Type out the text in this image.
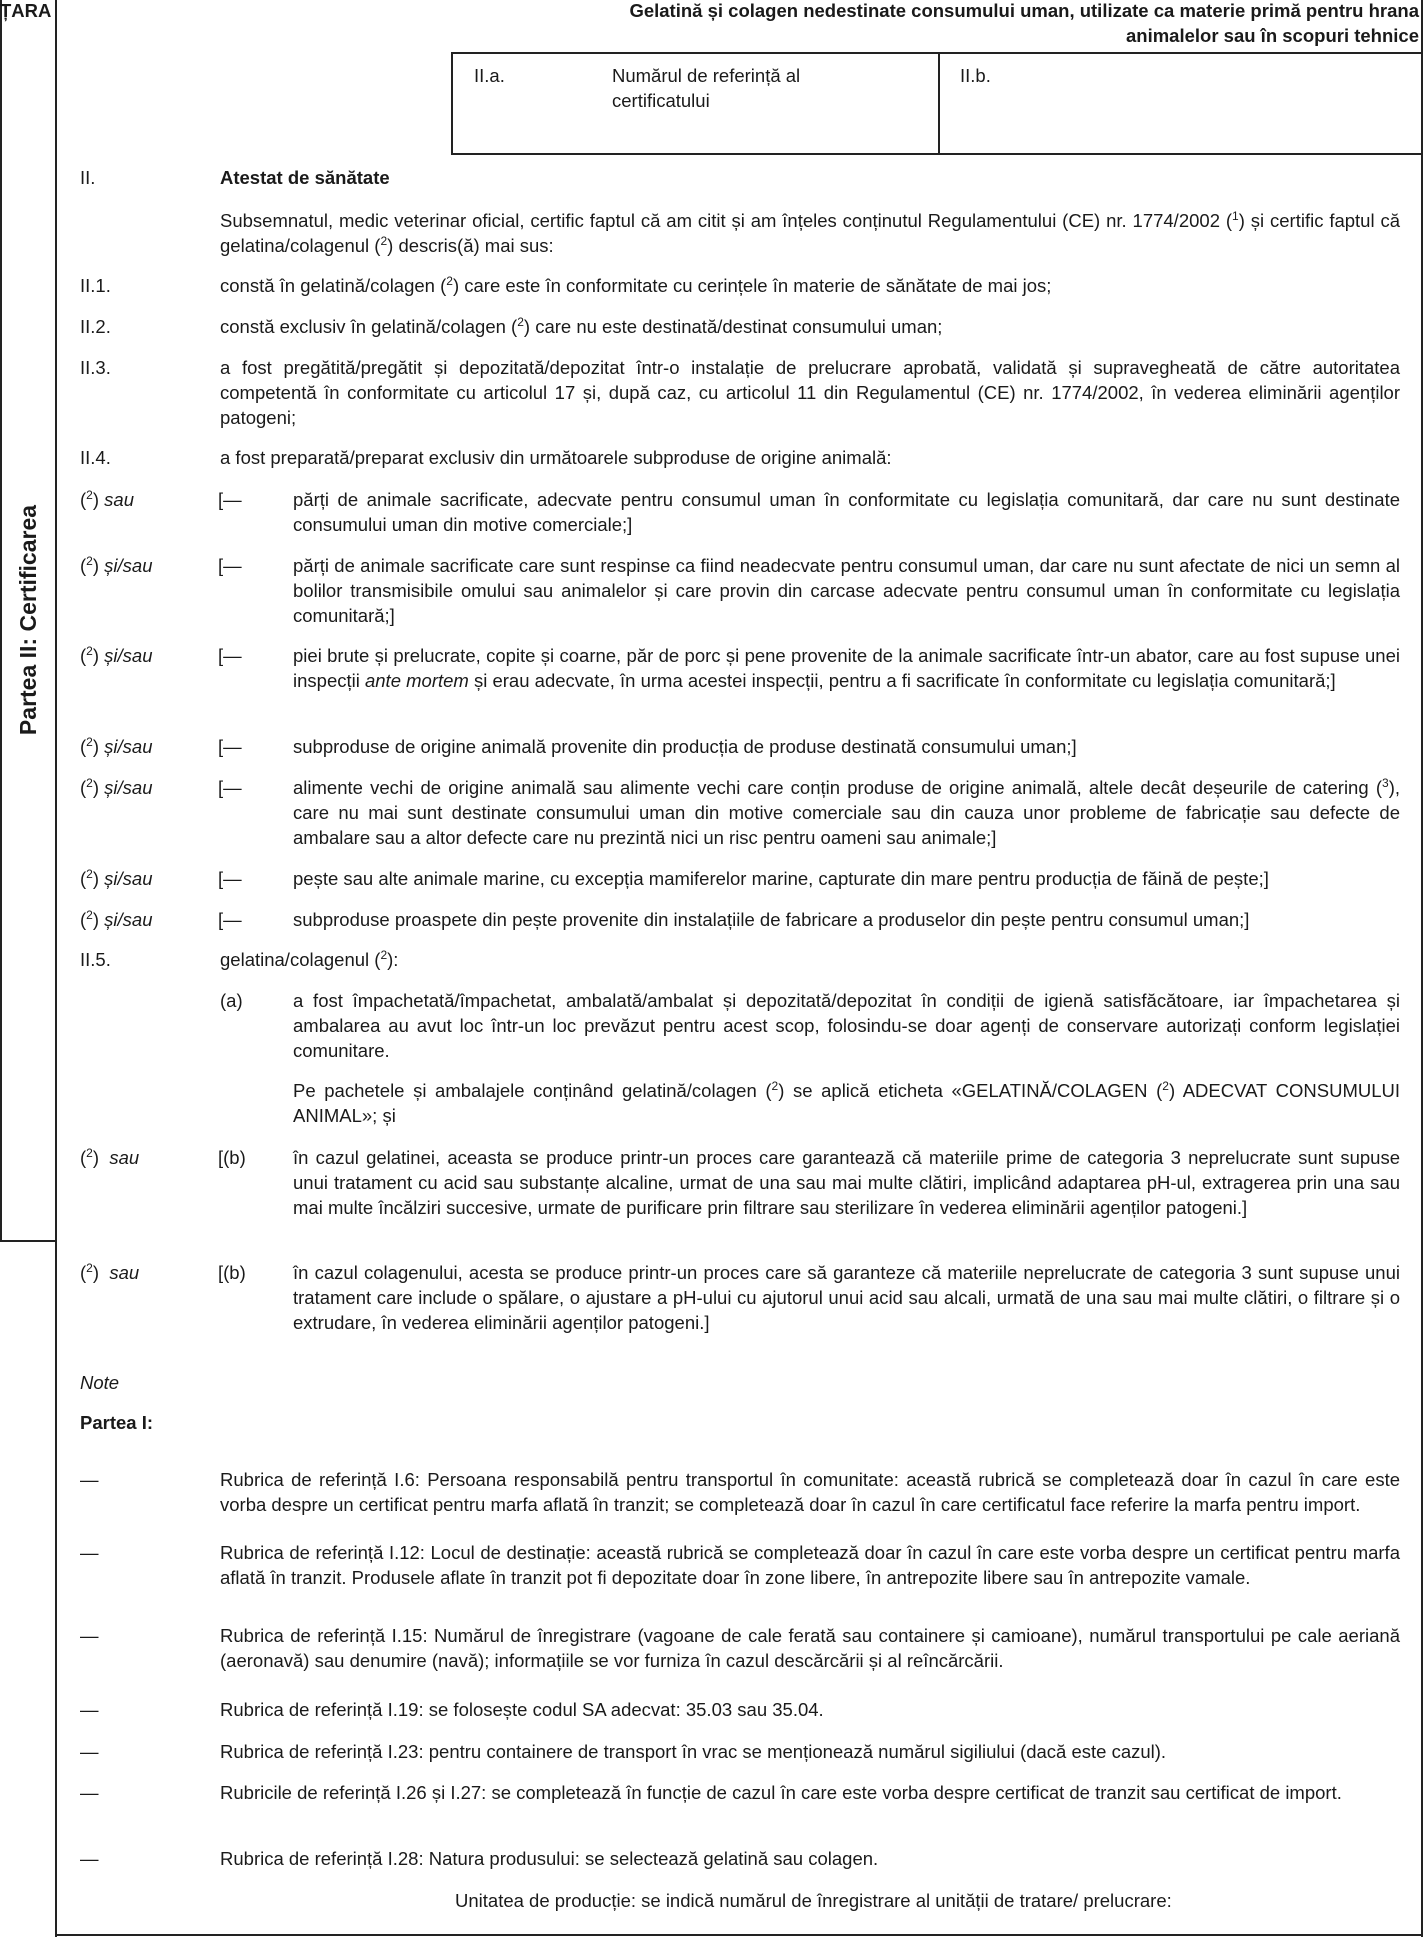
ȚARA	Gelatină și colagen nedestinate consumului uman, utilizate ca materie primă pentru hrana
animalelor sau în scopuri tehnice
II.a.	Numărul de referință al
certificatului
II.b.
Partea II: Certificarea
II.	Atestat de sănătate
Subsemnatul, medic veterinar oficial, certific faptul că am citit și am înțeles conținutul Regulamentului (CE) nr. 1774/2002 ($^1$) și certific faptul că gelatina/colagenul ($^2$) descris(ă) mai sus:
II.1.	constă în gelatină/colagen ($^2$) care este în conformitate cu cerințele în materie de sănătate de mai jos;
II.2.	constă exclusiv în gelatină/colagen ($^2$) care nu este destinată/destinat consumului uman;
II.3.	a fost pregătită/pregătit și depozitată/depozitat într-o instalație de prelucrare aprobată, validată și supravegheată de către autoritatea competentă în conformitate cu articolul 17 și, după caz, cu articolul 11 din Regulamentul (CE) nr. 1774/2002, în vederea eliminării agenților patogeni;
II.4.	a fost preparată/preparat exclusiv din următoarele subproduse de origine animală:
($^2$) sau	[—	părți de animale sacrificate, adecvate pentru consumul uman în conformitate cu legislația comunitară, dar care nu sunt destinate consumului uman din motive comerciale;]
($^2$) și/sau	[—	părți de animale sacrificate care sunt respinse ca fiind neadecvate pentru consumul uman, dar care nu sunt afectate de nici un semn al bolilor transmisibile omului sau animalelor și care provin din carcase adecvate pentru consumul uman în conformitate cu legislația comunitară;]
($^2$) și/sau	[—	piei brute și prelucrate, copite și coarne, păr de porc și pene provenite de la animale sacrificate într-un abator, care au fost supuse unei inspecții ante mortem și erau adecvate, în urma acestei inspecții, pentru a fi sacrificate în conformitate cu legislația comunitară;]
($^2$) și/sau	[—	subproduse de origine animală provenite din producția de produse destinată consumului uman;]
($^2$) și/sau	[—	alimente vechi de origine animală sau alimente vechi care conțin produse de origine animală, altele decât deșeurile de catering ($^3$), care nu mai sunt destinate consumului uman din motive comerciale sau din cauza unor probleme de fabricație sau defecte de ambalare sau a altor defecte care nu prezintă nici un risc pentru oameni sau animale;]
($^2$) și/sau	[—	pește sau alte animale marine, cu excepția mamiferelor marine, capturate din mare pentru producția de făină de pește;]
($^2$) și/sau	[—	subproduse proaspete din pește provenite din instalațiile de fabricare a produselor din pește pentru consumul uman;]
II.5.	gelatina/colagenul ($^2$):
(a)	a fost împachetată/împachetat, ambalată/ambalat și depozitată/depozitat în condiții de igienă satisfăcătoare, iar împachetarea și ambalarea au avut loc într-un loc prevăzut pentru acest scop, folosindu-se doar agenți de conservare autorizați conform legislației comunitare.
Pe pachetele și ambalajele conținând gelatină/colagen ($^2$) se aplică eticheta «GELATINĂ/COLAGEN ($^2$) ADECVAT CONSUMULUI ANIMAL»; și
($^2$)  sau	[(b)	în cazul gelatinei, aceasta se produce printr-un proces care garantează că materiile prime de categoria 3 neprelucrate sunt supuse unui tratament cu acid sau substanțe alcaline, urmat de una sau mai multe clătiri, implicând adaptarea pH-ul, extragerea prin una sau mai multe încălziri succesive, urmate de purificare prin filtrare sau sterilizare în vederea eliminării agenților patogeni.]
($^2$)  sau	[(b)	în cazul colagenului, acesta se produce printr-un proces care să garanteze că materiile neprelucrate de categoria 3 sunt supuse unui tratament care include o spălare, o ajustare a pH-ului cu ajutorul unui acid sau alcali, urmată de una sau mai multe clătiri, o filtrare și o extrudare, în vederea eliminării agenților patogeni.]
Note
Partea I:
—	Rubrica de referință I.6: Persoana responsabilă pentru transportul în comunitate: această rubrică se completează doar în cazul în care este vorba despre un certificat pentru marfa aflată în tranzit; se completează doar în cazul în care certificatul face referire la marfa pentru import.
—	Rubrica de referință I.12: Locul de destinație: această rubrică se completează doar în cazul în care este vorba despre un certificat pentru marfa aflată în tranzit. Produsele aflate în tranzit pot fi depozitate doar în zone libere, în antrepozite libere sau în antrepozite vamale.
—	Rubrica de referință I.15: Numărul de înregistrare (vagoane de cale ferată sau containere și camioane), numărul transportului pe cale aeriană (aeronavă) sau denumire (navă); informațiile se vor furniza în cazul descărcării și al reîncărcării.
—	Rubrica de referință I.19: se folosește codul SA adecvat: 35.03 sau 35.04.
—	Rubrica de referință I.23: pentru containere de transport în vrac se menționează numărul sigiliului (dacă este cazul).
—	Rubricile de referință I.26 și I.27: se completează în funcție de cazul în care este vorba despre certificat de tranzit sau certificat de import.
—	Rubrica de referință I.28: Natura produsului: se selectează gelatină sau colagen.
Unitatea de producție: se indică numărul de înregistrare al unității de tratare/ prelucrare:
